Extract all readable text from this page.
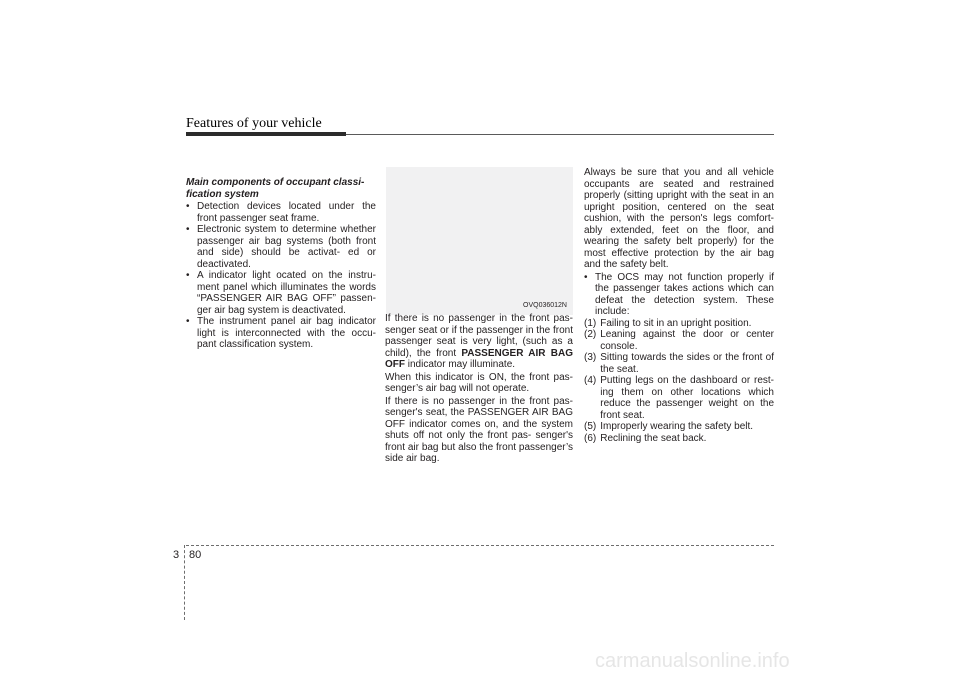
Features of your vehicle

Main components of occupant classi-
fication system

• Detection devices located under the front passenger seat frame.
• Electronic system to determine whether passenger air bag systems (both front and side) should be activat- ed or deactivated.
• A indicator light ocated on the instru- ment panel which illuminates the words “PASSENGER AIR BAG OFF” passen- ger air bag system is deactivated.
• The instrument panel air bag indicator light is interconnected with the occu- pant classification system.
OVQ036012N

If there is no passenger in the front pas- senger seat or if the passenger in the front passenger seat is very light, (such as a child), the front PASSENGER AIR BAG OFF indicator may illuminate.

When this indicator is ON, the front pas- senger’s air bag will not operate.

If there is no passenger in the front pas- senger's seat, the PASSENGER AIR BAG OFF indicator comes on, and the system shuts off not only the front pas- senger's front air bag but also the front passenger’s side air bag.

Always be sure that you and all vehicle occupants are seated and restrained properly (sitting upright with the seat in an upright position, centered on the seat cushion, with the person's legs comfort- ably extended, feet on the floor, and wearing the safety belt properly) for the most effective protection by the air bag and the safety belt.

• The OCS may not function properly if the passenger takes actions which can defeat the detection system. These include:
(1) Failing to sit in an upright position.
(2) Leaning against the door or center console.
(3) Sitting towards the sides or the front of the seat.
(4) Putting legs on the dashboard or rest- ing them on other locations which reduce the passenger weight on the front seat.
(5) Improperly wearing the safety belt.
(6) Reclining the seat back.
3 80
carmanualsonline.info
